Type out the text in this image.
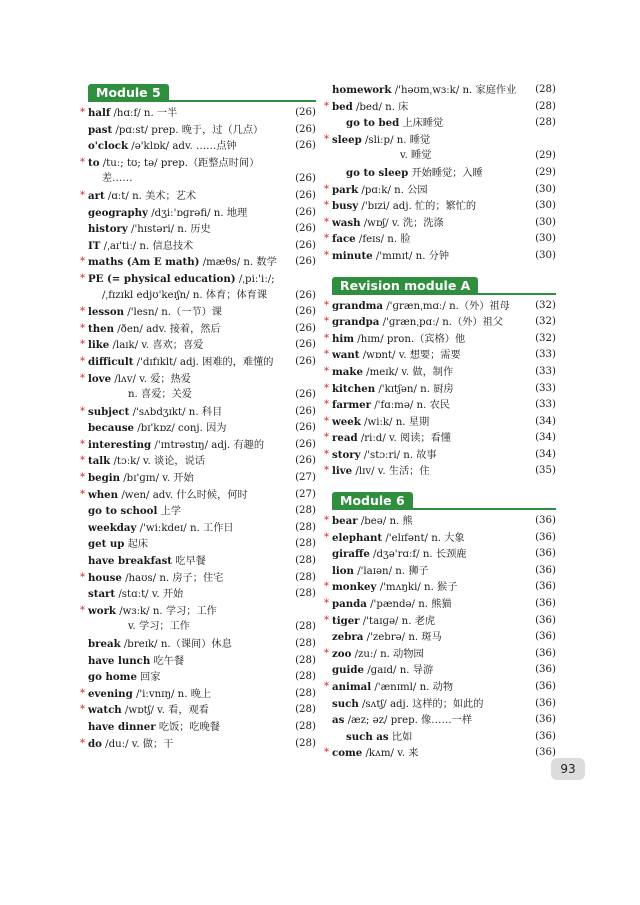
Module 5
* half /hɑːf/ n. 一半	(26)
past /pɑːst/ prep. 晚于，过（几点）	(26)
o'clock /ə'klɒk/ adv. ……点钟	(26)
* to /tuː; tʊ; tə/ prep.（距整点时间）
差……	(26)
* art /ɑːt/ n. 美术；艺术	(26)
geography /dʒiː'ɒɡrəfi/ n. 地理	(26)
history /'hɪstəri/ n. 历史	(26)
IT /ˌaɪ'tiː/ n. 信息技术	(26)
* maths (Am E math) /mæθs/ n. 数学 (26)
* PE (= physical education) /ˌpiː'iː/;
/ˌfɪzɪkl edjʊ'keɪʃn/ n. 体育；体育课	(26)
* lesson /'lesn/ n.（一节）课	(26)
* then /ðen/ adv. 接着，然后	(26)
* like /laɪk/ v. 喜欢；喜爱	(26)
* difficult /'dɪfɪklt/ adj. 困难的，难懂的 (26)
* love /lʌv/ v. 爱；热爱
n. 喜爱；关爱	(26)
* subject /'sʌbdʒɪkt/ n. 科目	(26)
because /bɪ'kɒz/ conj. 因为	(26)
* interesting /'ɪntrəstɪŋ/ adj. 有趣的	(26)
* talk /tɔːk/ v. 谈论，说话	(26)
* begin /bɪ'ɡɪn/ v. 开始	(27)
* when /wen/ adv. 什么时候，何时	(27)
go to school 上学	(28)
weekday /'wiːkdeɪ/ n. 工作日	(28)
get up 起床	(28)
have breakfast 吃早餐	(28)
* house /haʊs/ n. 房子；住宅	(28)
start /stɑːt/ v. 开始	(28)
* work /wɜːk/ n. 学习；工作
v. 学习；工作	(28)
break /breɪk/ n.（课间）休息	(28)
have lunch 吃午餐	(28)
go home 回家	(28)
* evening /'iːvnɪŋ/ n. 晚上	(28)
* watch /wɒtʃ/ v. 看，观看	(28)
have dinner 吃饭；吃晚餐	(28)
* do /duː/ v. 做；干	(28)
homework /'həʊmˌwɜːk/ n. 家庭作业 (28)
* bed /bed/ n. 床	(28)
go to bed 上床睡觉	(28)
* sleep /sliːp/ n. 睡觉
v. 睡觉	(29)
go to sleep 开始睡觉；入睡	(29)
* park /pɑːk/ n. 公园	(30)
* busy /'bɪzi/ adj. 忙的；繁忙的	(30)
* wash /wɒʃ/ v. 洗；洗涤	(30)
* face /feɪs/ n. 脸	(30)
* minute /'mɪnɪt/ n. 分钟	(30)
Revision module A
* grandma /'ɡrænˌmɑː/ n.（外）祖母 (32)
* grandpa /'ɡrænˌpɑː/ n.（外）祖父	(32)
* him /hɪm/ pron.（宾格）他	(32)
* want /wɒnt/ v. 想要；需要	(33)
* make /meɪk/ v. 做，制作	(33)
* kitchen /'kɪtʃən/ n. 厨房	(33)
* farmer /'fɑːmə/ n. 农民	(33)
* week /wiːk/ n. 星期	(34)
* read /riːd/ v. 阅读；看懂	(34)
* story /'stɔːri/ n. 故事	(34)
* live /lɪv/ v. 生活；住	(35)
Module 6
* bear /beə/ n. 熊	(36)
* elephant /'elɪfənt/ n. 大象	(36)
giraffe /dʒə'rɑːf/ n. 长颈鹿	(36)
lion /'laɪən/ n. 狮子	(36)
* monkey /'mʌŋki/ n. 猴子	(36)
* panda /'pændə/ n. 熊猫	(36)
* tiger /'taɪɡə/ n. 老虎	(36)
zebra /'zebrə/ n. 斑马	(36)
* zoo /zuː/ n. 动物园	(36)
guide /ɡaɪd/ n. 导游	(36)
* animal /'ænɪml/ n. 动物	(36)
such /sʌtʃ/ adj. 这样的；如此的	(36)
as /æz; əz/ prep. 像……一样	(36)
such as 比如	(36)
* come /kʌm/ v. 来	(36)
93
